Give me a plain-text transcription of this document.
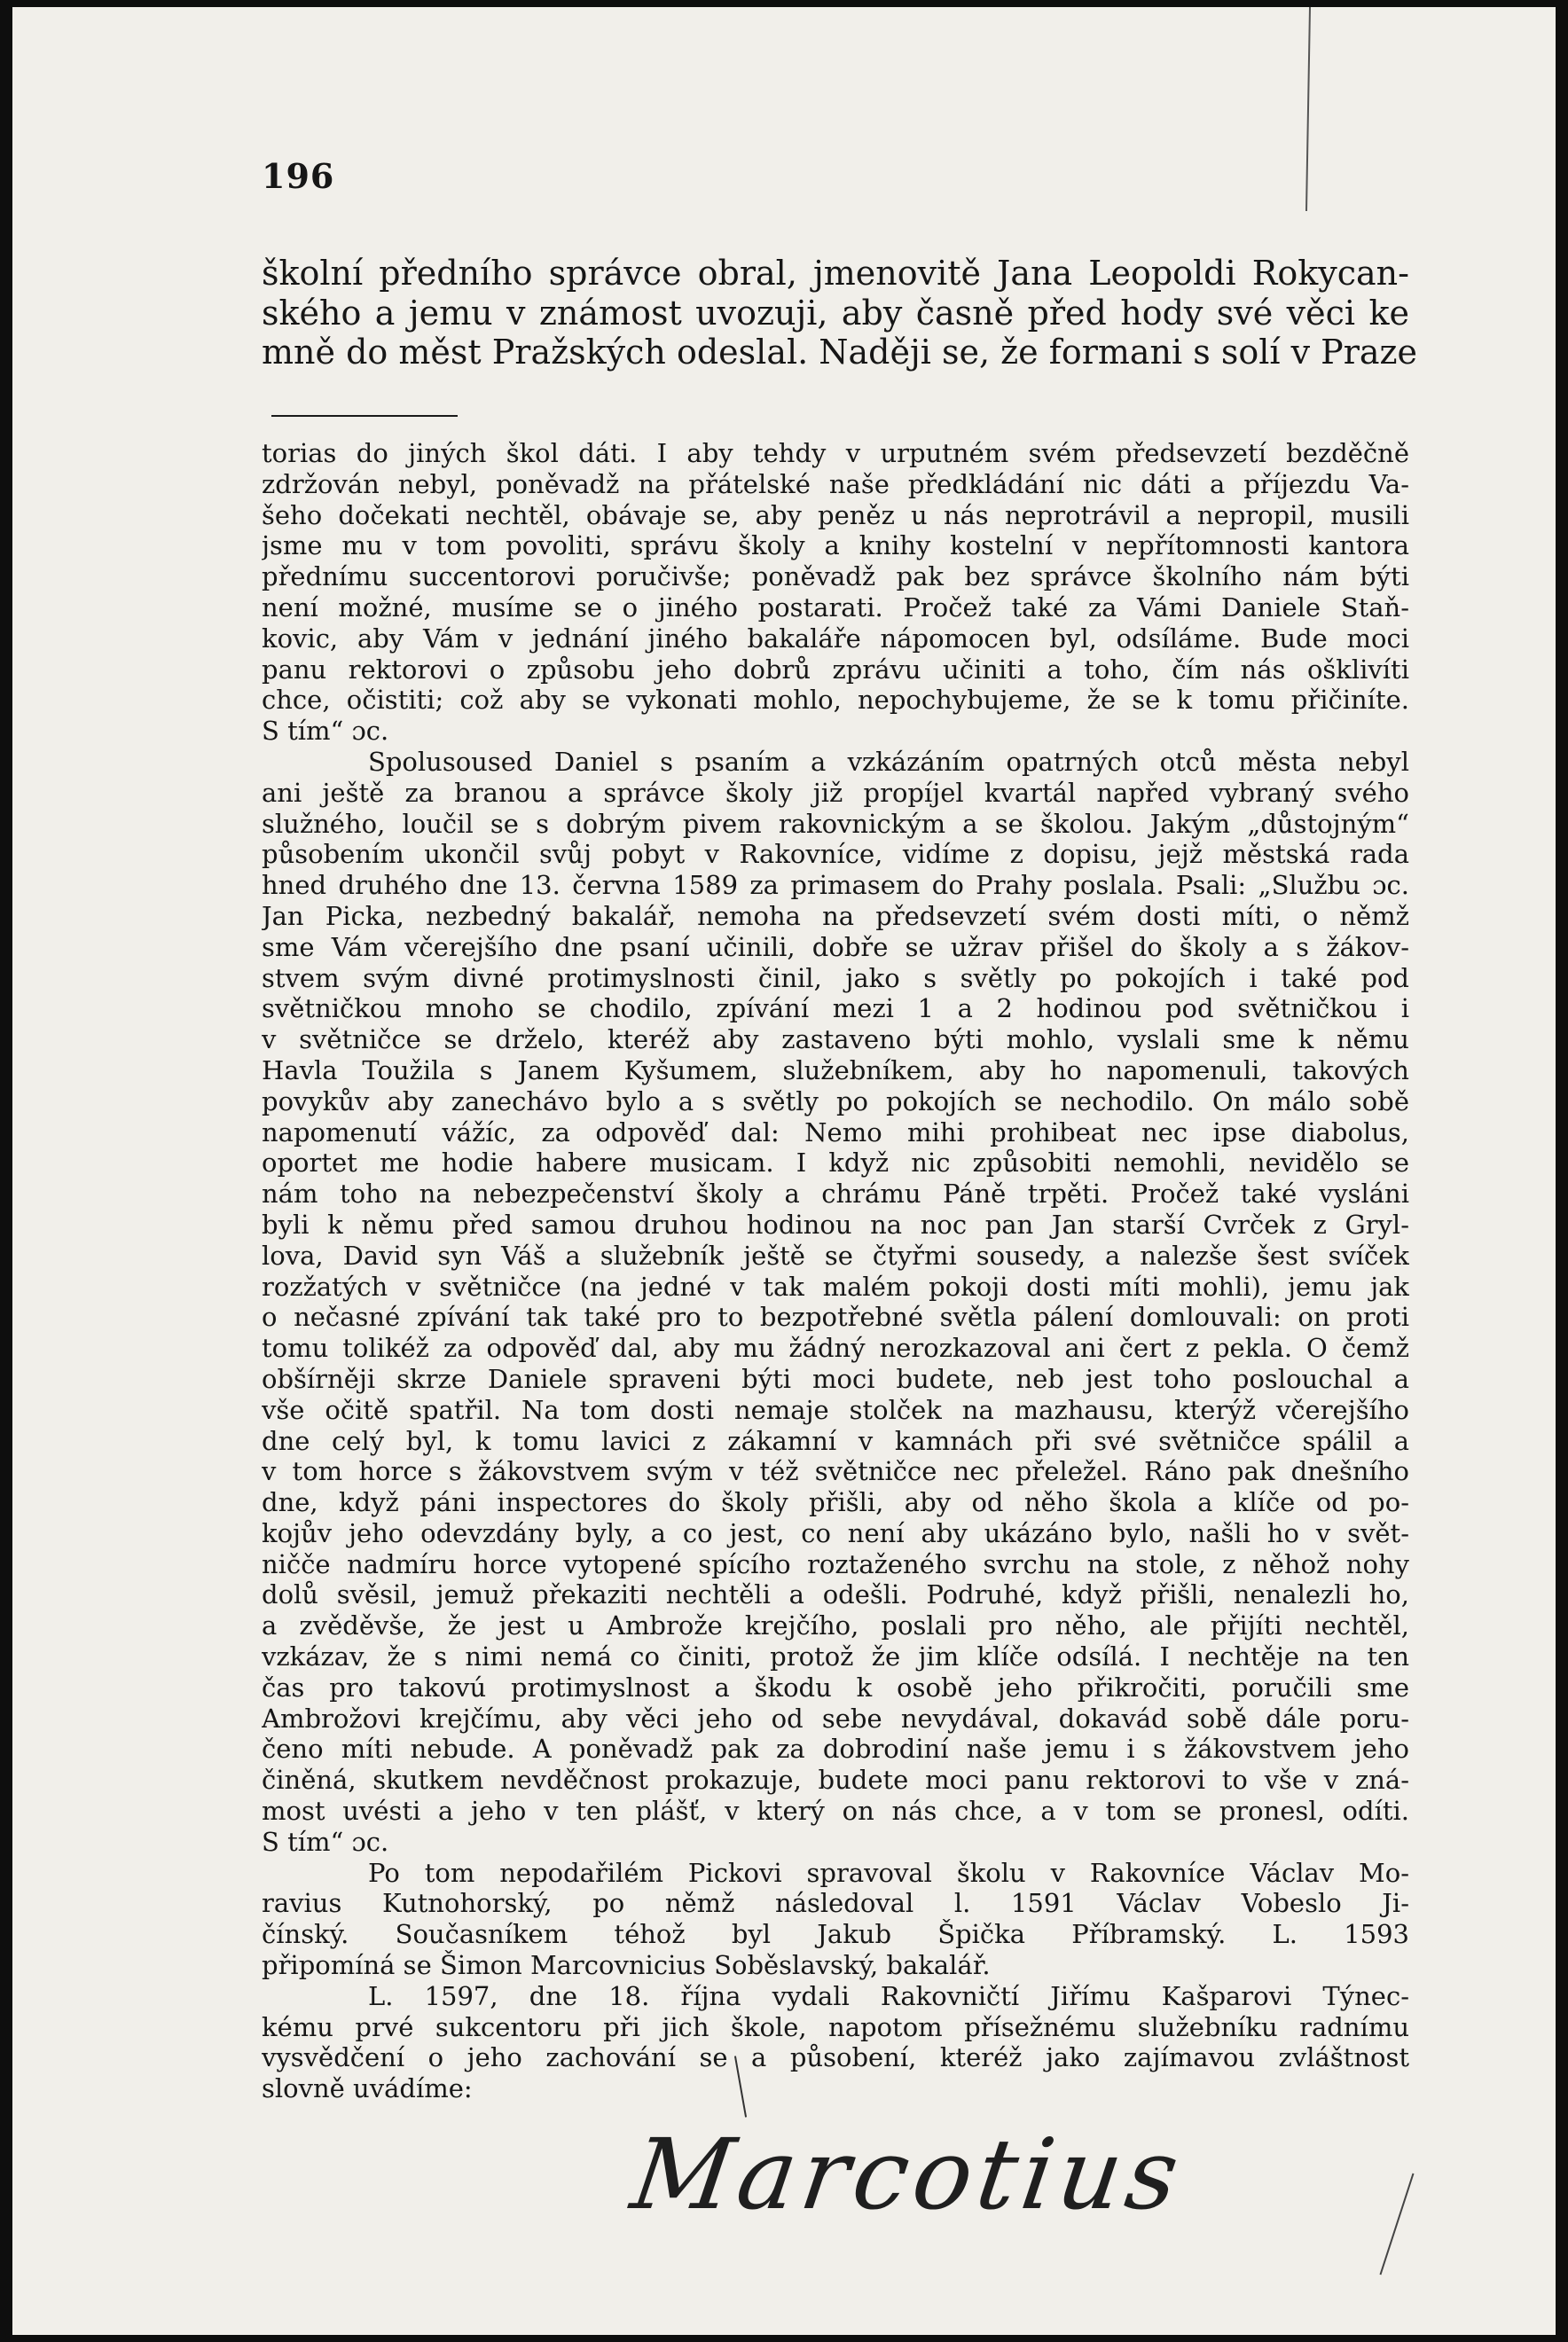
196
školní předního správce obral, jmenovitě Jana Leopoldi Rokycan-
ského a jemu v známost uvozuji, aby časně před hody své věci ke
mně do měst Pražských odeslal. Naději se, že formani s solí v Praze
torias do jiných škol dáti. I aby tehdy v urputném svém předsevzetí bezděčně
zdržován nebyl, poněvadž na přátelské naše předkládání nic dáti a příjezdu Va-
šeho dočekati nechtěl, obávaje se, aby peněz u nás neprotrávil a nepropil, musili
jsme mu v tom povoliti, správu školy a knihy kostelní v nepřítomnosti kantora
přednímu succentorovi poručivše; poněvadž pak bez správce školního nám býti
není možné, musíme se o jiného postarati. Pročež také za Vámi Daniele Staň-
kovic, aby Vám v jednání jiného bakaláře nápomocen byl, odsíláme. Bude moci
panu rektorovi o způsobu jeho dobrů zprávu učiniti a toho, čím nás ošklivíti
chce, očistiti; což aby se vykonati mohlo, nepochybujeme, že se k tomu přičiníte.
S tím“ ɔc.
Spolusoused Daniel s psaním a vzkázáním opatrných otců města nebyl
ani ještě za branou a správce školy již propíjel kvartál napřed vybraný svého
služného, loučil se s dobrým pivem rakovnickým a se školou. Jakým „důstojným“
působením ukončil svůj pobyt v Rakovníce, vidíme z dopisu, jejž městská rada
hned druhého dne 13. června 1589 za primasem do Prahy poslala. Psali: „Službu ɔc.
Jan Picka, nezbedný bakalář, nemoha na předsevzetí svém dosti míti, o němž
sme Vám včerejšího dne psaní učinili, dobře se užrav přišel do školy a s žákov-
stvem svým divné protimyslnosti činil, jako s světly po pokojích i také pod
světničkou mnoho se chodilo, zpívání mezi 1 a 2 hodinou pod světničkou i
v světničce se drželo, kteréž aby zastaveno býti mohlo, vyslali sme k němu
Havla Toužila s Janem Kyšumem, služebníkem, aby ho napomenuli, takových
povykův aby zanechávo bylo a s světly po pokojích se nechodilo. On málo sobě
napomenutí vážíc, za odpověď dal: Nemo mihi prohibeat nec ipse diabolus,
oportet me hodie habere musicam. I když nic způsobiti nemohli, nevidělo se
nám toho na nebezpečenství školy a chrámu Páně trpěti. Pročež také vysláni
byli k němu před samou druhou hodinou na noc pan Jan starší Cvrček z Gryl-
lova, David syn Váš a služebník ještě se čtyřmi sousedy, a nalezše šest svíček
rozžatých v světničce (na jedné v tak malém pokoji dosti míti mohli), jemu jak
o nečasné zpívání tak také pro to bezpotřebné světla pálení domlouvali: on proti
tomu tolikéž za odpověď dal, aby mu žádný nerozkazoval ani čert z pekla. O čemž
obšírněji skrze Daniele spraveni býti moci budete, neb jest toho poslouchal a
vše očitě spatřil. Na tom dosti nemaje stolček na mazhausu, kterýž včerejšího
dne celý byl, k tomu lavici z zákamní v kamnách při své světničce spálil a
v tom horce s žákovstvem svým v též světničce nec přeležel. Ráno pak dnešního
dne, když páni inspectores do školy přišli, aby od něho škola a klíče od po-
kojův jeho odevzdány byly, a co jest, co není aby ukázáno bylo, našli ho v svět-
ničče nadmíru horce vytopené spícího roztaženého svrchu na stole, z něhož nohy
dolů svěsil, jemuž překaziti nechtěli a odešli. Podruhé, když přišli, nenalezli ho,
a zvěděvše, že jest u Ambrože krejčího, poslali pro něho, ale přijíti nechtěl,
vzkázav, že s nimi nemá co činiti, protož že jim klíče odsílá. I nechtěje na ten
čas pro takovú protimyslnost a škodu k osobě jeho přikročiti, poručili sme
Ambrožovi krejčímu, aby věci jeho od sebe nevydával, dokavád sobě dále poru-
čeno míti nebude. A poněvadž pak za dobrodiní naše jemu i s žákovstvem jeho
činěná, skutkem nevděčnost prokazuje, budete moci panu rektorovi to vše v zná-
most uvésti a jeho v ten plášť, v který on nás chce, a v tom se pronesl, odíti.
S tím“ ɔc.
Po tom nepodařilém Pickovi spravoval školu v Rakovníce Václav Mo-
ravius Kutnohorský, po němž následoval l. 1591 Václav Vobeslo Ji-
čínský. Současníkem téhož byl Jakub Špička Příbramský. L. 1593
připomíná se Šimon Marcovnicius Soběslavský, bakalář.
L. 1597, dne 18. října vydali Rakovničtí Jiřímu Kašparovi Týnec-
kému prvé sukcentoru při jich škole, napotom přísežnému služebníku radnímu
vysvědčení o jeho zachování se a působení, kteréž jako zajímavou zvláštnost
slovně uvádíme:
Marcotius
